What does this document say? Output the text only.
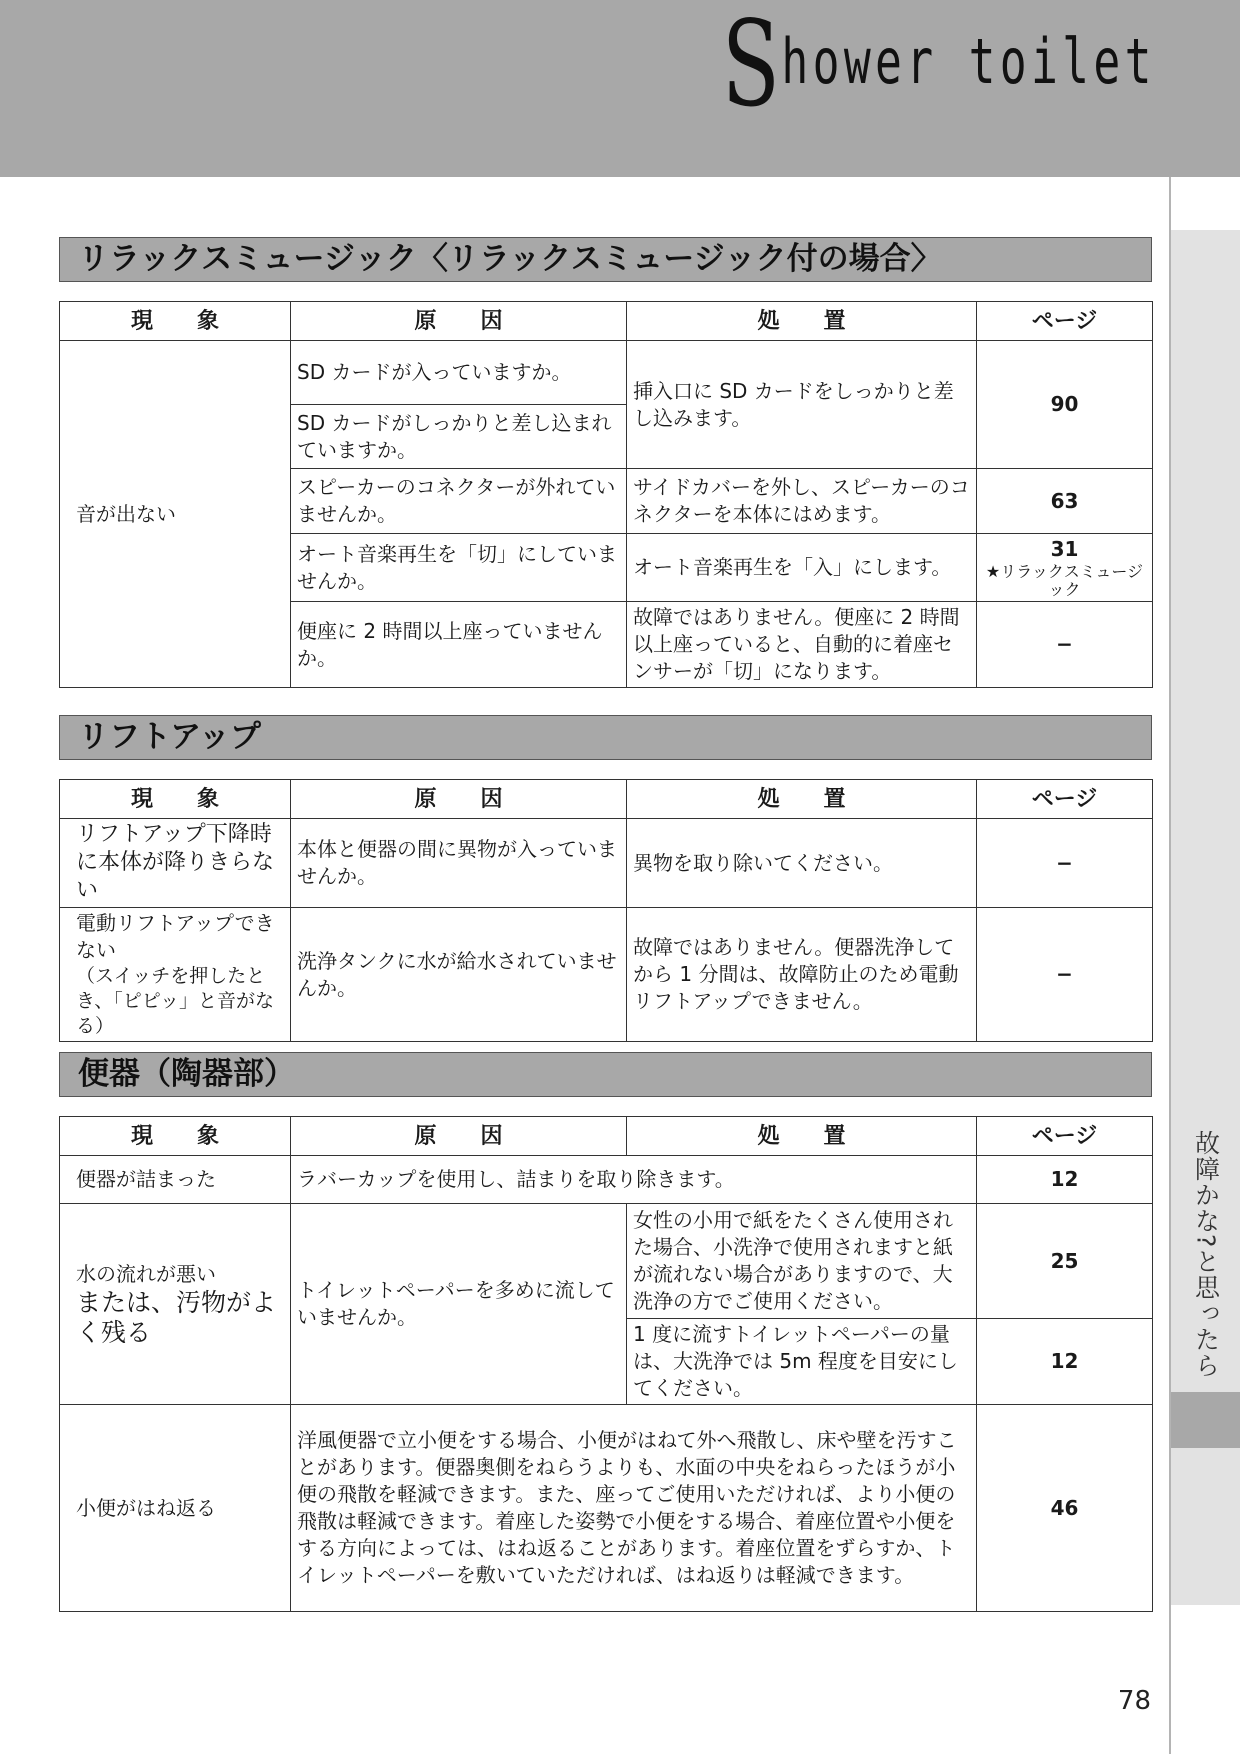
Shower toilet
故障かな?と思ったら
リラックスミュージック〈リラックスミュージック付の場合〉
現　　象	原　　因	処　　置	ページ
音が出ない	SD カードが入っていますか。	挿入口に SD カードをしっかりと差し込みます。	90
	SD カードがしっかりと差し込まれていますか。		
	スピーカーのコネクターが外れていませんか。	サイドカバーを外し、スピーカーのコネクターを本体にはめます。	63
	オート音楽再生を「切」にしていませんか。	オート音楽再生を「入」にします。	31
★リラックスミュージック

	便座に 2 時間以上座っていませんか。	故障ではありません。便座に 2 時間以上座っていると、自動的に着座センサーが「切」になります。	−
リフトアップ
現　　象	原　　因	処　　置	ページ
リフトアップ下降時に本体が降りきらない	本体と便器の間に異物が入っていませんか。	異物を取り除いてください。	−
電動リフトアップできない
（スイッチを押したとき、「ピピッ」と音がなる）	洗浄タンクに水が給水されていませんか。	故障ではありません。便器洗浄してから 1 分間は、故障防止のため電動リフトアップできません。	−
便器（陶器部）
現　　象	原　　因	処　　置	ページ
便器が詰まった	ラバーカップを使用し、詰まりを取り除きます。		12
水の流れが悪い
または、汚物がよく残る	トイレットペーパーを多めに流していませんか。	女性の小用で紙をたくさん使用された場合、小洗浄で使用されますと紙が流れない場合がありますので、大洗浄の方でご使用ください。	25
		1 度に流すトイレットペーパーの量は、大洗浄では 5m 程度を目安にしてください。	12
小便がはね返る	洋風便器で立小便をする場合、小便がはねて外へ飛散し、床や壁を汚すことがあります。便器奥側をねらうよりも、水面の中央をねらったほうが小便の飛散を軽減できます。また、座ってご使用いただければ、より小便の飛散は軽減できます。着座した姿勢で小便をする場合、着座位置や小便をする方向によっては、はね返ることがあります。着座位置をずらすか、トイレットペーパーを敷いていただければ、はね返りは軽減できます。		46
78
